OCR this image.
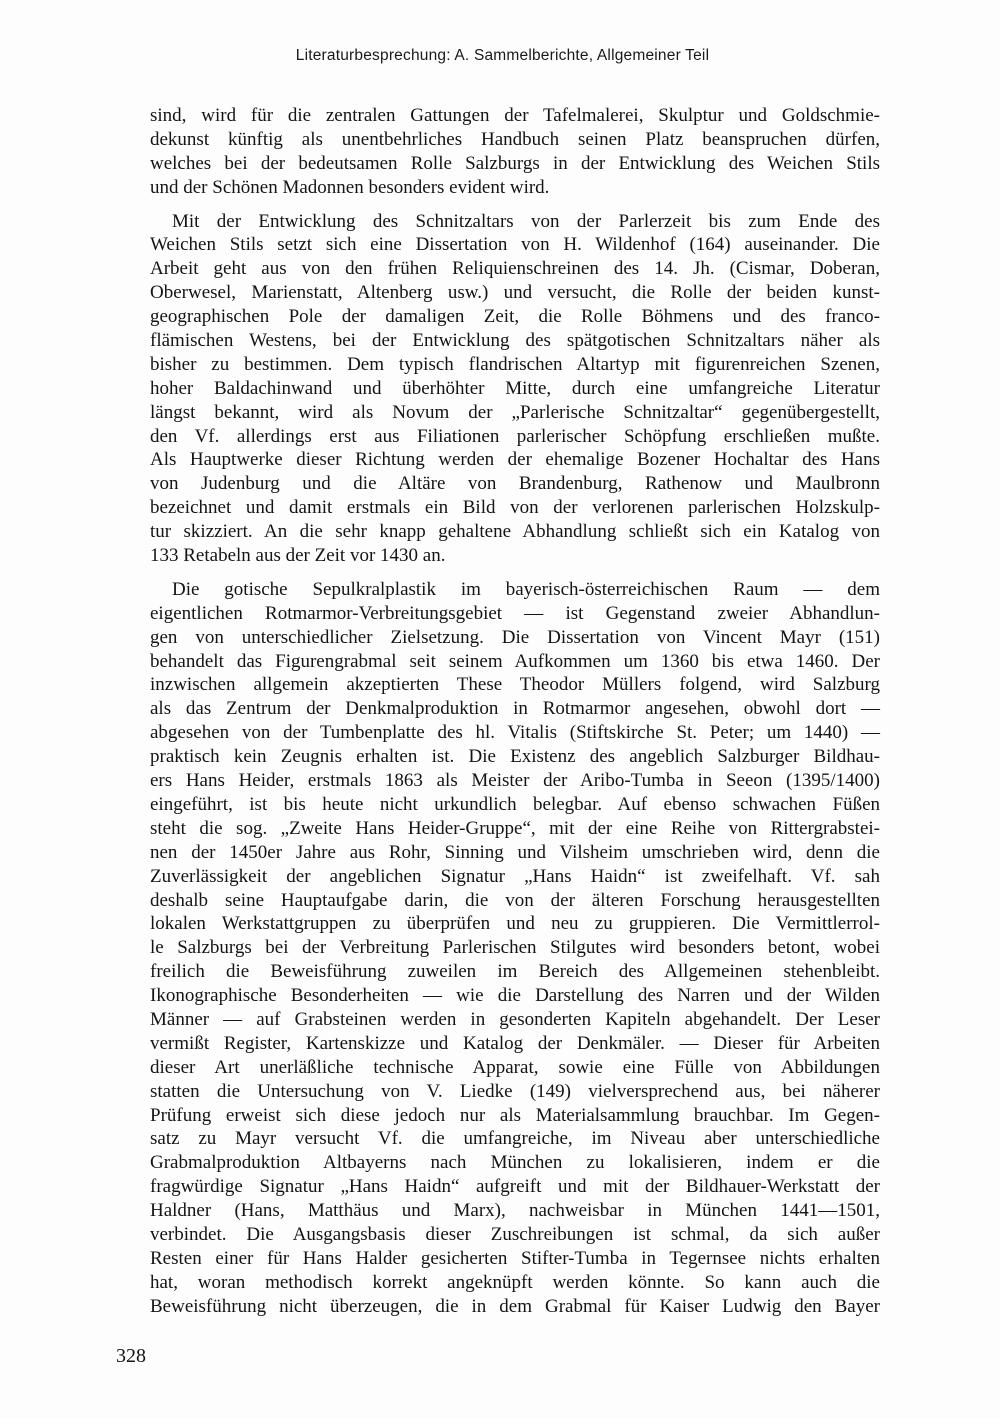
Literaturbesprechung: A. Sammelberichte, Allgemeiner Teil
sind, wird für die zentralen Gattungen der Tafelmalerei, Skulptur und Goldschmie-
dekunst künftig als unentbehrliches Handbuch seinen Platz beanspruchen dürfen,
welches bei der bedeutsamen Rolle Salzburgs in der Entwicklung des Weichen Stils
und der Schönen Madonnen besonders evident wird.
Mit der Entwicklung des Schnitzaltars von der Parlerzeit bis zum Ende des
Weichen Stils setzt sich eine Dissertation von H. Wildenhof (164) auseinander. Die
Arbeit geht aus von den frühen Reliquienschreinen des 14. Jh. (Cismar, Doberan,
Oberwesel, Marienstatt, Altenberg usw.) und versucht, die Rolle der beiden kunst-
geographischen Pole der damaligen Zeit, die Rolle Böhmens und des franco-
flämischen Westens, bei der Entwicklung des spätgotischen Schnitzaltars näher als
bisher zu bestimmen. Dem typisch flandrischen Altartyp mit figurenreichen Szenen,
hoher Baldachinwand und überhöhter Mitte, durch eine umfangreiche Literatur
längst bekannt, wird als Novum der „Parlerische Schnitzaltar“ gegenübergestellt,
den Vf. allerdings erst aus Filiationen parlerischer Schöpfung erschließen mußte.
Als Hauptwerke dieser Richtung werden der ehemalige Bozener Hochaltar des Hans
von Judenburg und die Altäre von Brandenburg, Rathenow und Maulbronn
bezeichnet und damit erstmals ein Bild von der verlorenen parlerischen Holzskulp-
tur skizziert. An die sehr knapp gehaltene Abhandlung schließt sich ein Katalog von
133 Retabeln aus der Zeit vor 1430 an.
Die gotische Sepulkralplastik im bayerisch-österreichischen Raum — dem
eigentlichen Rotmarmor-Verbreitungsgebiet — ist Gegenstand zweier Abhandlun-
gen von unterschiedlicher Zielsetzung. Die Dissertation von Vincent Mayr (151)
behandelt das Figurengrabmal seit seinem Aufkommen um 1360 bis etwa 1460. Der
inzwischen allgemein akzeptierten These Theodor Müllers folgend, wird Salzburg
als das Zentrum der Denkmalproduktion in Rotmarmor angesehen, obwohl dort —
abgesehen von der Tumbenplatte des hl. Vitalis (Stiftskirche St. Peter; um 1440) —
praktisch kein Zeugnis erhalten ist. Die Existenz des angeblich Salzburger Bildhau-
ers Hans Heider, erstmals 1863 als Meister der Aribo-Tumba in Seeon (1395/1400)
eingeführt, ist bis heute nicht urkundlich belegbar. Auf ebenso schwachen Füßen
steht die sog. „Zweite Hans Heider-Gruppe“, mit der eine Reihe von Rittergrabstei-
nen der 1450er Jahre aus Rohr, Sinning und Vilsheim umschrieben wird, denn die
Zuverlässigkeit der angeblichen Signatur „Hans Haidn“ ist zweifelhaft. Vf. sah
deshalb seine Hauptaufgabe darin, die von der älteren Forschung herausgestellten
lokalen Werkstattgruppen zu überprüfen und neu zu gruppieren. Die Vermittlerrol-
le Salzburgs bei der Verbreitung Parlerischen Stilgutes wird besonders betont, wobei
freilich die Beweisführung zuweilen im Bereich des Allgemeinen stehenbleibt.
Ikonographische Besonderheiten — wie die Darstellung des Narren und der Wilden
Männer — auf Grabsteinen werden in gesonderten Kapiteln abgehandelt. Der Leser
vermißt Register, Kartenskizze und Katalog der Denkmäler. — Dieser für Arbeiten
dieser Art unerläßliche technische Apparat, sowie eine Fülle von Abbildungen
statten die Untersuchung von V. Liedke (149) vielversprechend aus, bei näherer
Prüfung erweist sich diese jedoch nur als Materialsammlung brauchbar. Im Gegen-
satz zu Mayr versucht Vf. die umfangreiche, im Niveau aber unterschiedliche
Grabmalproduktion Altbayerns nach München zu lokalisieren, indem er die
fragwürdige Signatur „Hans Haidn“ aufgreift und mit der Bildhauer-Werkstatt der
Haldner (Hans, Matthäus und Marx), nachweisbar in München 1441—1501,
verbindet. Die Ausgangsbasis dieser Zuschreibungen ist schmal, da sich außer
Resten einer für Hans Halder gesicherten Stifter-Tumba in Tegernsee nichts erhalten
hat, woran methodisch korrekt angeknüpft werden könnte. So kann auch die
Beweisführung nicht überzeugen, die in dem Grabmal für Kaiser Ludwig den Bayer
328
